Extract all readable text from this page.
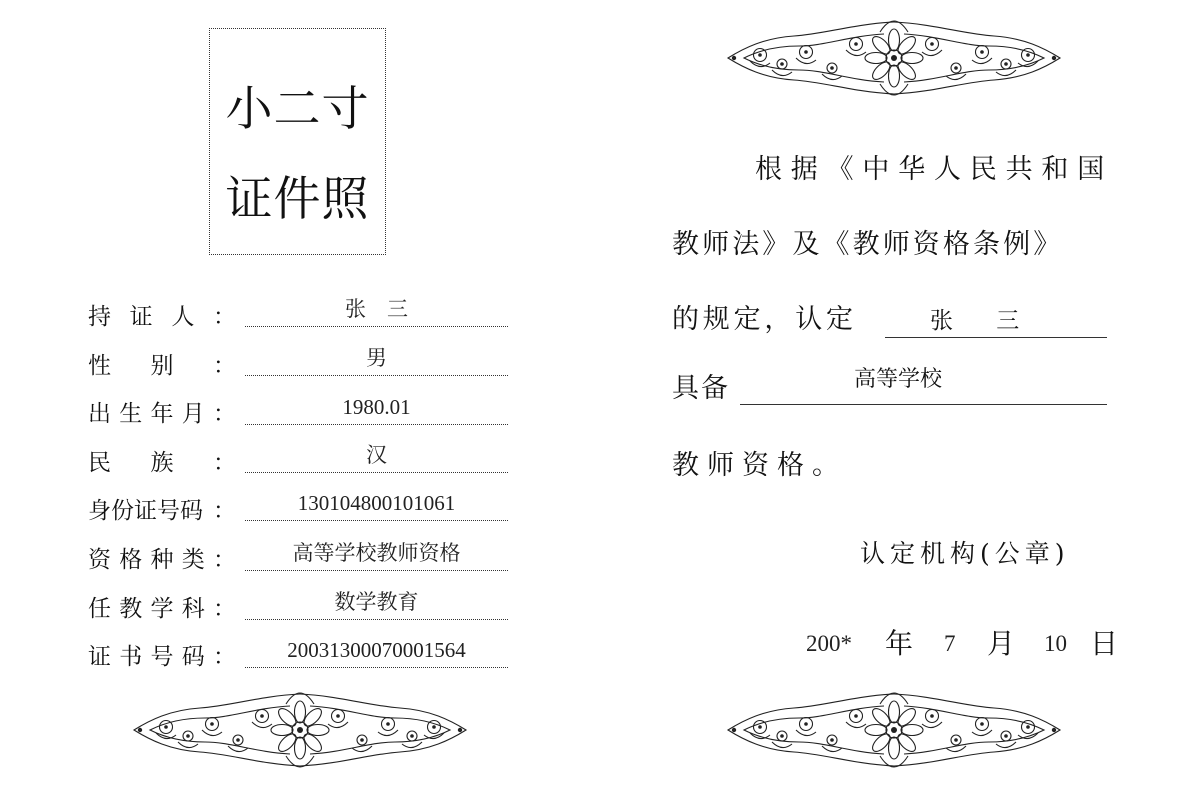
小二寸
证件照
持 证 人 ：	张　三
性 别 ：	男
出 生 年 月 ：	1980.01
民 族 ：	汉
身份证号码 ：	130104800101061
资 格 种 类 ：	高等学校教师资格
任 教 学 科 ：	数学教育
证 书 号 码 ：	20031300070001564
根据《中华人民共和国
教师法》及《教师资格条例》
的规定，认定	张 三
具备	高等学校
教师资格。
认定机构(公章)
200* 年 7 月 10 日
